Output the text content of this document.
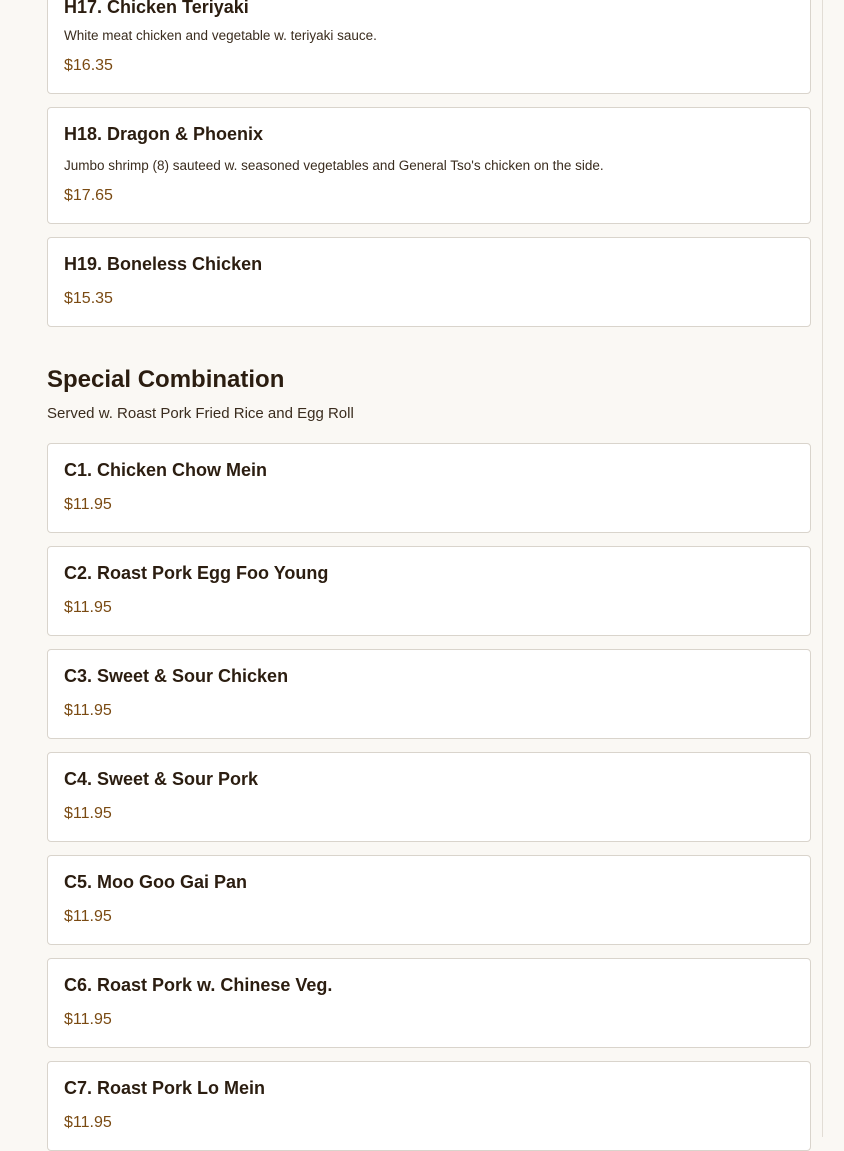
H17. Chicken Teriyaki
White meat chicken and vegetable w. teriyaki sauce.
$16.35
H18. Dragon & Phoenix
Jumbo shrimp (8) sauteed w. seasoned vegetables and General Tso's chicken on the side.
$17.65
H19. Boneless Chicken
$15.35
Special Combination
Served w. Roast Pork Fried Rice and Egg Roll
C1. Chicken Chow Mein
$11.95
C2. Roast Pork Egg Foo Young
$11.95
C3. Sweet & Sour Chicken
$11.95
C4. Sweet & Sour Pork
$11.95
C5. Moo Goo Gai Pan
$11.95
C6. Roast Pork w. Chinese Veg.
$11.95
C7. Roast Pork Lo Mein
$11.95
